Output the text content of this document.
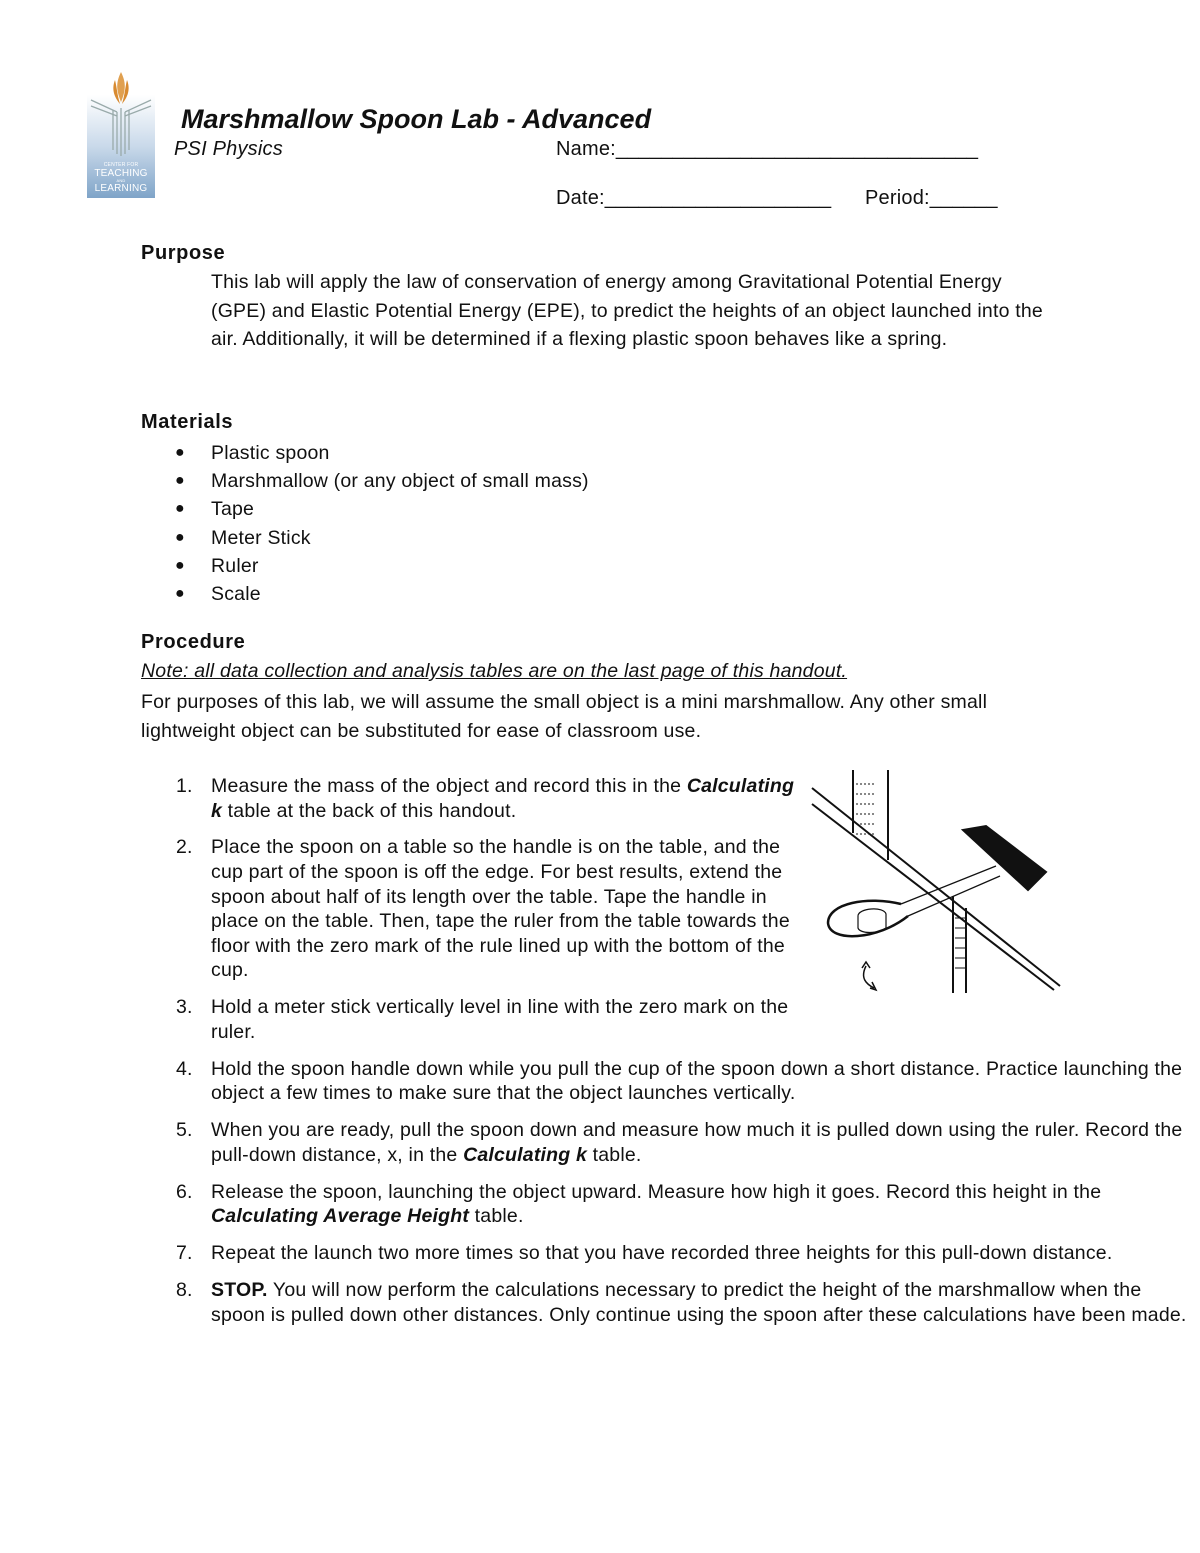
CENTER FOR
TEACHING
AND
LEARNING
Marshmallow Spoon Lab - Advanced
PSI Physics	Name:________________________________
Date:____________________ Period:______
Purpose
This lab will apply the law of conservation of energy among Gravitational Potential Energy (GPE) and Elastic Potential Energy (EPE), to predict the heights of an object launched into the air. Additionally, it will be determined if a flexing plastic spoon behaves like a spring.
Materials
● Plastic spoon
● Marshmallow (or any object of small mass)
● Tape
● Meter Stick
● Ruler
● Scale
Procedure
Note: all data collection and analysis tables are on the last page of this handout.
For purposes of this lab, we will assume the small object is a mini marshmallow. Any other small lightweight object can be substituted for ease of classroom use.
1. Measure the mass of the object and record this in the Calculating k table at the back of this handout.
2. Place the spoon on a table so the handle is on the table, and the cup part of the spoon is off the edge. For best results, extend the spoon about half of its length over the table. Tape the handle in place on the table. Then, tape the ruler from the table towards the floor with the zero mark of the rule lined up with the bottom of the cup.
3. Hold a meter stick vertically level in line with the zero mark on the ruler.
4. Hold the spoon handle down while you pull the cup of the spoon down a short distance. Practice launching the object a few times to make sure that the object launches vertically.
5. When you are ready, pull the spoon down and measure how much it is pulled down using the ruler. Record the pull-down distance, x, in the Calculating k table.
6. Release the spoon, launching the object upward. Measure how high it goes. Record this height in the Calculating Average Height table.
7. Repeat the launch two more times so that you have recorded three heights for this pull-down distance.
8. STOP. You will now perform the calculations necessary to predict the height of the marshmallow when the spoon is pulled down other distances. Only continue using the spoon after these calculations have been made.
